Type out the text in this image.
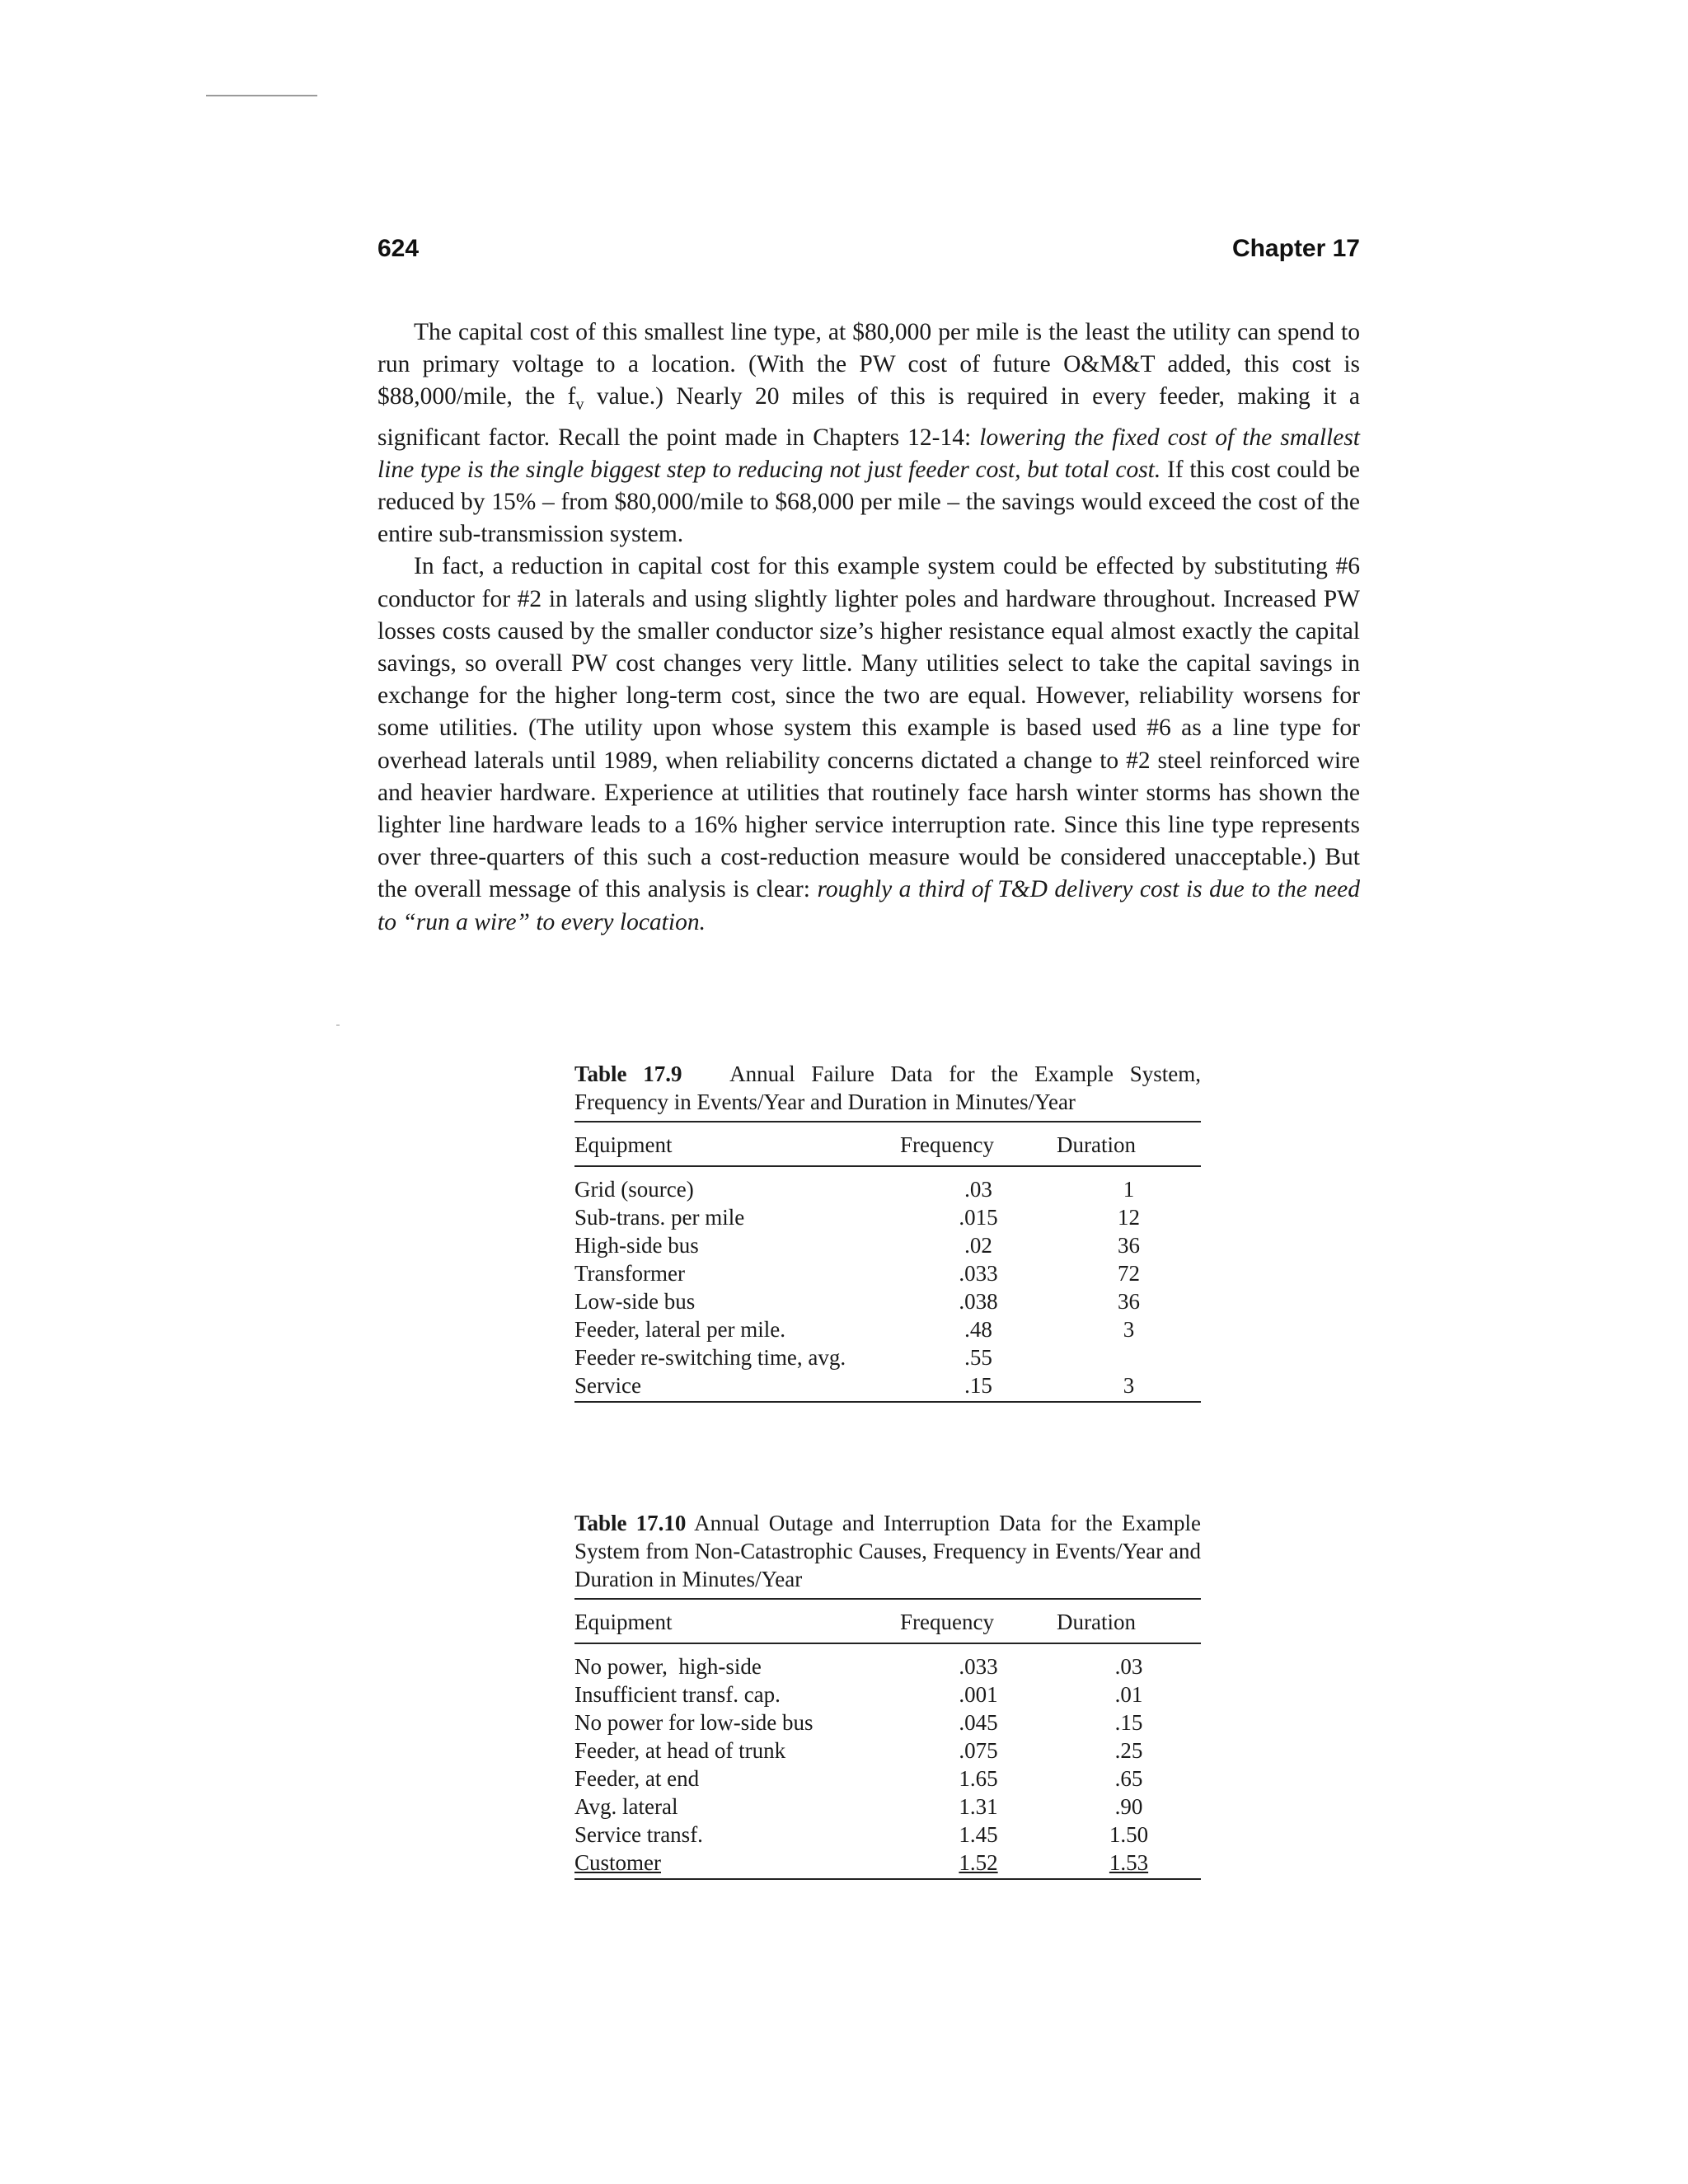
624	Chapter 17

The capital cost of this smallest line type, at $80,000 per mile is the least the utility can spend to run primary voltage to a location. (With the PW cost of future O&M&T added, this cost is $88,000/mile, the $f_v$ value.) Nearly 20 miles of this is required in every feeder, making it a significant factor. Recall the point made in Chapters 12-14: lowering the fixed cost of the smallest line type is the single biggest step to reducing not just feeder cost, but total cost. If this cost could be reduced by 15% – from $80,000/mile to $68,000 per mile – the savings would exceed the cost of the entire sub-transmission system.

In fact, a reduction in capital cost for this example system could be effected by substituting #6 conductor for #2 in laterals and using slightly lighter poles and hardware throughout. Increased PW losses costs caused by the smaller conductor size’s higher resistance equal almost exactly the capital savings, so overall PW cost changes very little. Many utilities select to take the capital savings in exchange for the higher long-term cost, since the two are equal. However, reliability worsens for some utilities. (The utility upon whose system this example is based used #6 as a line type for overhead laterals until 1989, when reliability concerns dictated a change to #2 steel reinforced wire and heavier hardware. Experience at utilities that routinely face harsh winter storms has shown the lighter line hardware leads to a 16% higher service interruption rate. Since this line type represents over three-quarters of this such a cost-reduction measure would be considered unacceptable.) But the overall message of this analysis is clear: roughly a third of T&D delivery cost is due to the need to “run a wire” to every location.

Table 17.9 Annual Failure Data for the Example System,
Frequency in Events/Year and Duration in Minutes/Year

Equipment	Frequency	Duration
Grid (source)	.03	1
Sub-trans. per mile	.015	12
High-side bus	.02	36
Transformer	.033	72
Low-side bus	.038	36
Feeder, lateral per mile.	.48	3
Feeder re-switching time, avg.	.55	
Service	.15	3

Table 17.10 Annual Outage and Interruption Data for the Example System from Non-Catastrophic Causes, Frequency in Events/Year and Duration in Minutes/Year

Equipment	Frequency	Duration
No power,  high-side	.033	.03
Insufficient transf. cap.	.001	.01
No power for low-side bus	.045	.15
Feeder, at head of trunk	.075	.25
Feeder, at end	1.65	.65
Avg. lateral	1.31	.90
Service transf.	1.45	1.50
Customer	1.52	1.53
